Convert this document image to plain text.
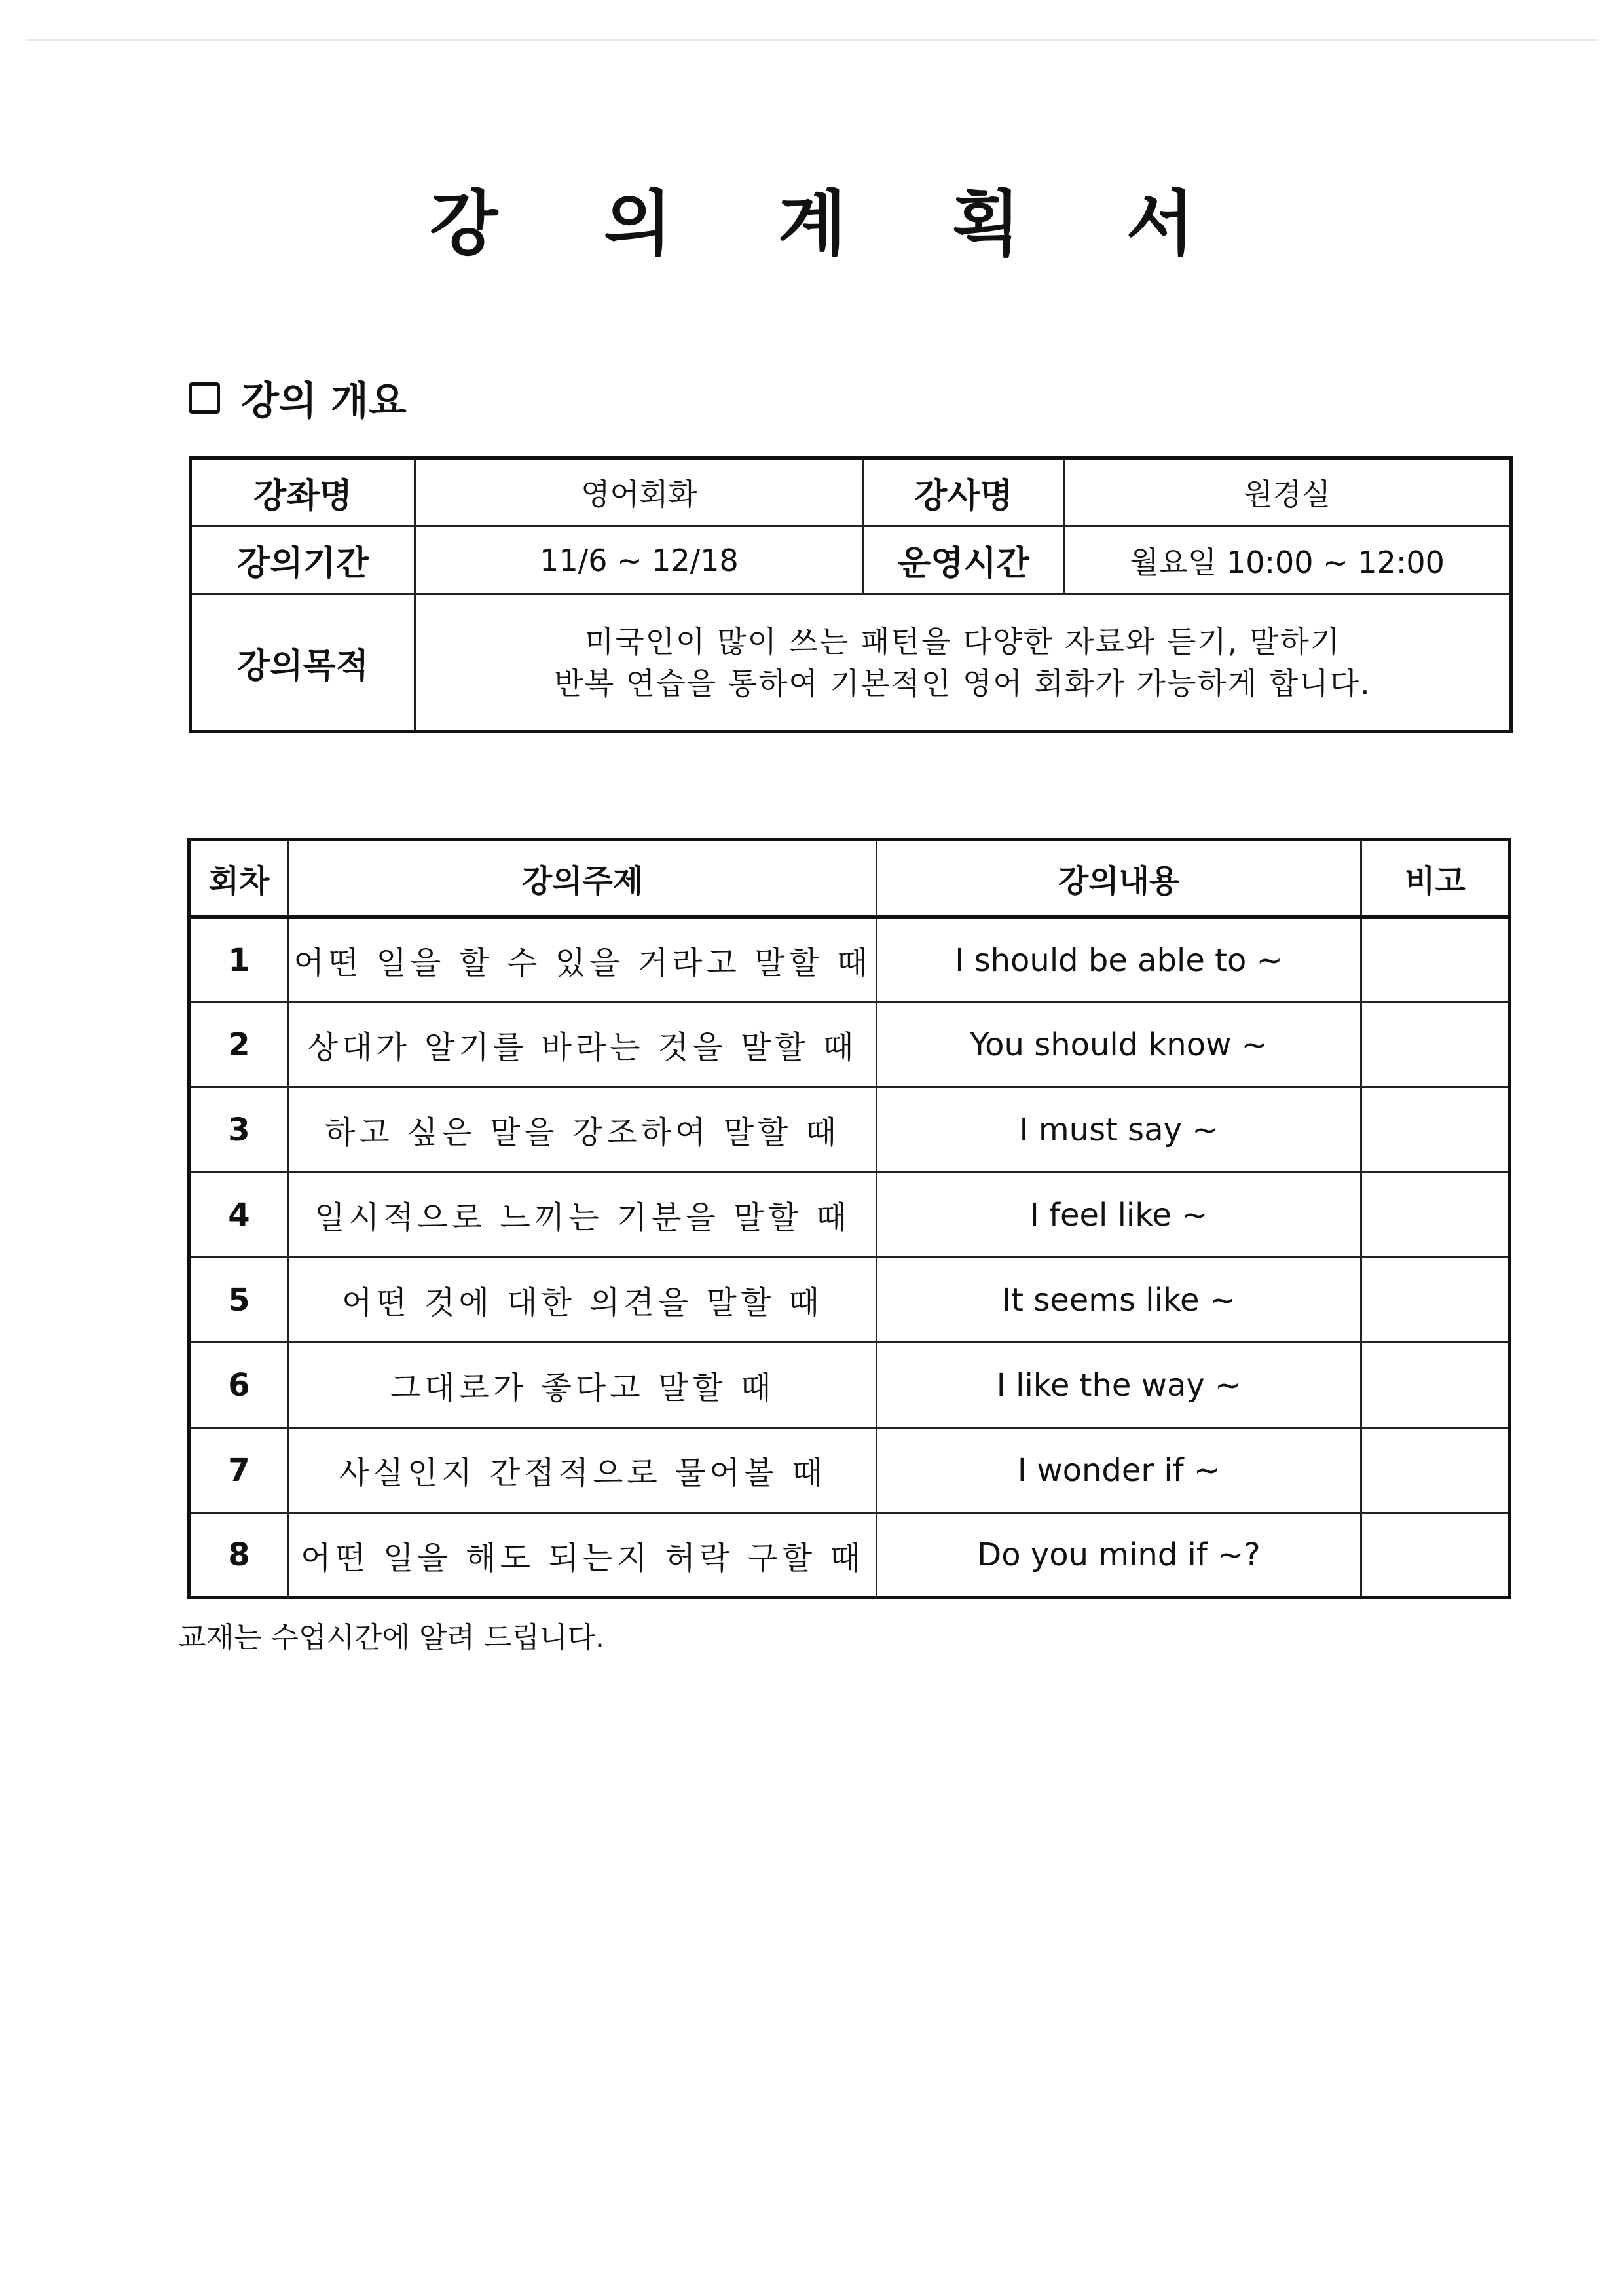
강 의 계 획 서
강의 개요
강좌명	영어회화	강사명	원경실
강의기간	11/6 ~ 12/18	운영시간	월요일 10:00 ~ 12:00
강의목적	미국인이 많이 쓰는 패턴을 다양한 자료와 듣기, 말하기
반복 연습을 통하여 기본적인 영어 회화가 가능하게 합니다.		
회차	강의주제	강의내용	비고
1	어떤 일을 할 수 있을 거라고 말할 때	I should be able to ~	
2	상대가 알기를 바라는 것을 말할 때	You should know ~	
3	하고 싶은 말을 강조하여 말할 때	I must say ~	
4	일시적으로 느끼는 기분을 말할 때	I feel like ~	
5	어떤 것에 대한 의견을 말할 때	It seems like ~	
6	그대로가 좋다고 말할 때	I like the way ~	
7	사실인지 간접적으로 물어볼 때	I wonder if ~	
8	어떤 일을 해도 되는지 허락 구할 때	Do you mind if ~?	
교재는 수업시간에 알려 드립니다.
